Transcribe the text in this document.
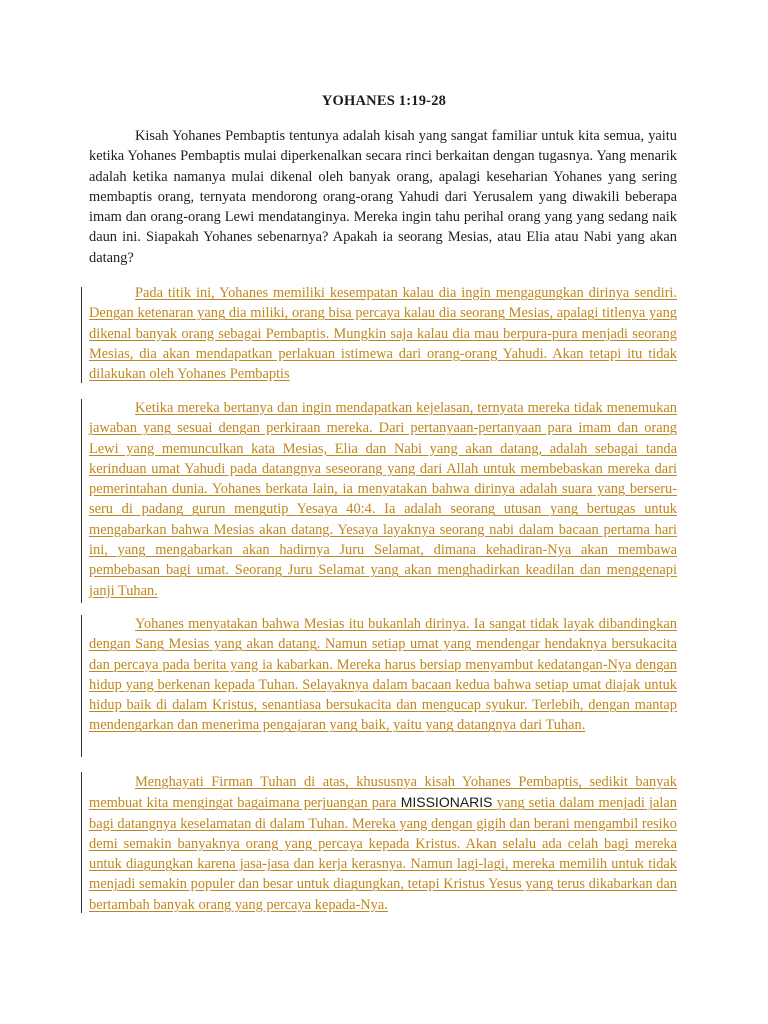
YOHANES 1:19-28

Kisah Yohanes Pembaptis tentunya adalah kisah yang sangat familiar untuk kita semua, yaitu ketika Yohanes Pembaptis mulai diperkenalkan secara rinci berkaitan dengan tugasnya. Yang menarik adalah ketika namanya mulai dikenal oleh banyak orang, apalagi keseharian Yohanes yang sering membaptis orang, ternyata mendorong orang-orang Yahudi dari Yerusalem yang diwakili beberapa imam dan orang-orang Lewi mendatanginya. Mereka ingin tahu perihal orang yang yang sedang naik daun ini. Siapakah Yohanes sebenarnya? Apakah ia seorang Mesias, atau Elia atau Nabi yang akan datang?

Pada titik ini, Yohanes memiliki kesempatan kalau dia ingin mengagungkan dirinya sendiri. Dengan ketenaran yang dia miliki, orang bisa percaya kalau dia seorang Mesias, apalagi titlenya yang dikenal banyak orang sebagai Pembaptis. Mungkin saja kalau dia mau berpura-pura menjadi seorang Mesias, dia akan mendapatkan perlakuan istimewa dari orang-orang Yahudi. Akan tetapi itu tidak dilakukan oleh Yohanes Pembaptis

Ketika mereka bertanya dan ingin mendapatkan kejelasan, ternyata mereka tidak menemukan jawaban yang sesuai dengan perkiraan mereka. Dari pertanyaan-pertanyaan para imam dan orang Lewi yang memunculkan kata Mesias, Elia dan Nabi yang akan datang, adalah sebagai tanda kerinduan umat Yahudi pada datangnya seseorang yang dari Allah untuk membebaskan mereka dari pemerintahan dunia. Yohanes berkata lain, ia menyatakan bahwa dirinya adalah suara yang berseru-seru di padang gurun mengutip Yesaya 40:4. Ia adalah seorang utusan yang bertugas untuk mengabarkan bahwa Mesias akan datang. Yesaya layaknya seorang nabi dalam bacaan pertama hari ini, yang mengabarkan akan hadirnya Juru Selamat, dimana kehadiran-Nya akan membawa pembebasan bagi umat. Seorang Juru Selamat yang akan menghadirkan keadilan dan menggenapi janji Tuhan.

Yohanes menyatakan bahwa Mesias itu bukanlah dirinya. Ia sangat tidak layak dibandingkan dengan Sang Mesias yang akan datang. Namun setiap umat yang mendengar hendaknya bersukacita dan percaya pada berita yang ia kabarkan. Mereka harus bersiap menyambut kedatangan-Nya dengan hidup yang berkenan kepada Tuhan. Selayaknya dalam bacaan kedua bahwa setiap umat diajak untuk hidup baik di dalam Kristus, senantiasa bersukacita dan mengucap syukur. Terlebih, dengan mantap mendengarkan dan menerima pengajaran yang baik, yaitu yang datangnya dari Tuhan.

Menghayati Firman Tuhan di atas, khususnya kisah Yohanes Pembaptis, sedikit banyak membuat kita mengingat bagaimana perjuangan para MISSIONARIS yang setia dalam menjadi jalan bagi datangnya keselamatan di dalam Tuhan. Mereka yang dengan gigih dan berani mengambil resiko demi semakin banyaknya orang yang percaya kepada Kristus. Akan selalu ada celah bagi mereka untuk diagungkan karena jasa-jasa dan kerja kerasnya. Namun lagi-lagi, mereka memilih untuk tidak menjadi semakin populer dan besar untuk diagungkan, tetapi Kristus Yesus yang terus dikabarkan dan bertambah banyak orang yang percaya kepada-Nya.
